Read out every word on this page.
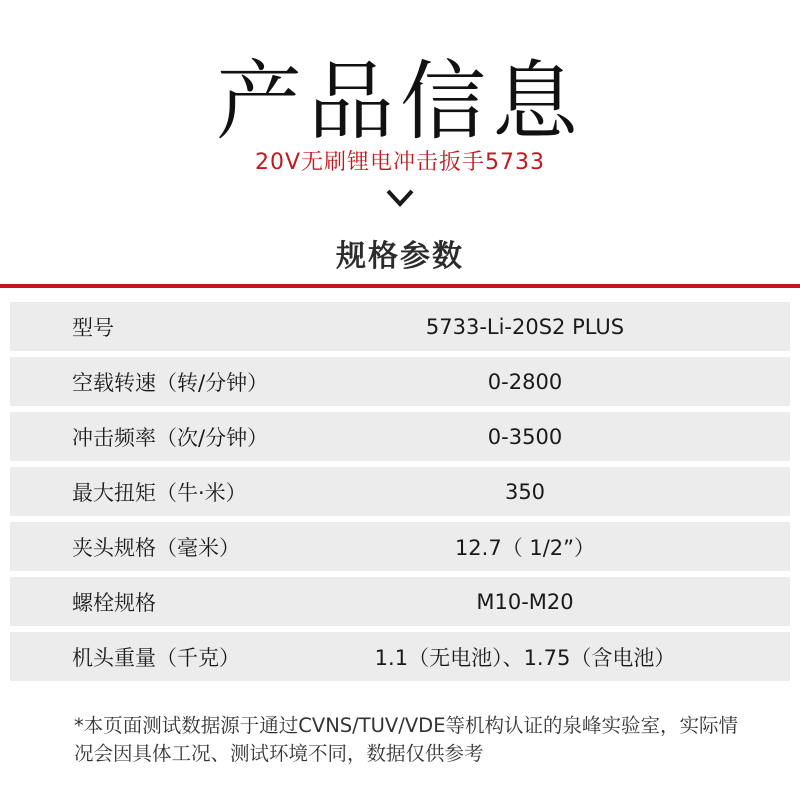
产品信息
20V无刷锂电冲击扳手5733
规格参数
型号	5733-Li-20S2 PLUS
空载转速（转/分钟）	0-2800
冲击频率（次/分钟）	0-3500
最大扭矩（牛·米）	350
夹头规格（毫米）	12.7（ 1/2”）
螺栓规格	M10-M20
机头重量（千克）	1.1（无电池）、1.75（含电池）
*本页面测试数据源于通过CVNS/TUV/VDE等机构认证的泉峰实验室，实际情况会因具体工况、测试环境不同，数据仅供参考
